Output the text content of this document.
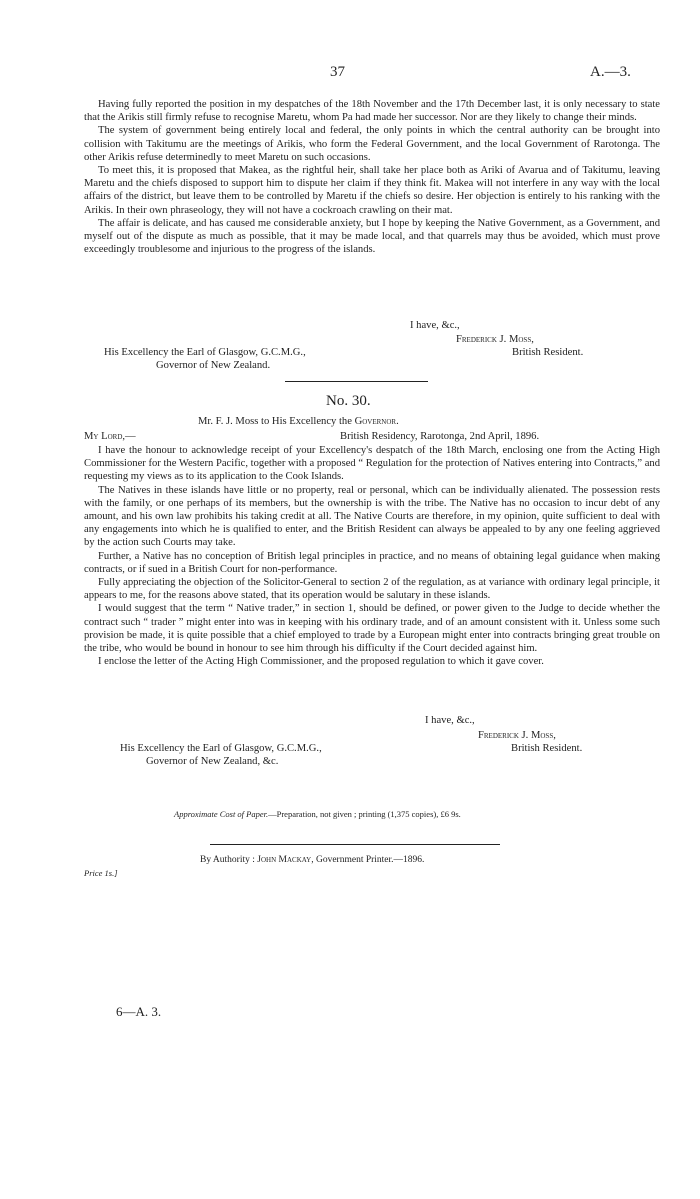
37	A.—3.

Having fully reported the position in my despatches of the 18th November and the 17th December last, it is only necessary to state that the Arikis still firmly refuse to recognise Maretu, whom Pa had made her successor. Nor are they likely to change their minds.

The system of government being entirely local and federal, the only points in which the central authority can be brought into collision with Takitumu are the meetings of Arikis, who form the Federal Government, and the local Government of Rarotonga. The other Arikis refuse determinedly to meet Maretu on such occasions.

To meet this, it is proposed that Makea, as the rightful heir, shall take her place both as Ariki of Avarua and of Takitumu, leaving Maretu and the chiefs disposed to support him to dispute her claim if they think fit. Makea will not interfere in any way with the local affairs of the district, but leave them to be controlled by Maretu if the chiefs so desire. Her objection is entirely to his ranking with the Arikis. In their own phraseology, they will not have a cockroach crawling on their mat.

The affair is delicate, and has caused me considerable anxiety, but I hope by keeping the Native Government, as a Government, and myself out of the dispute as much as possible, that it may be made local, and that quarrels may thus be avoided, which must prove exceedingly troublesome and injurious to the progress of the islands.

I have, &c.,
Frederick J. Moss,
British Resident.
His Excellency the Earl of Glasgow, G.C.M.G.,
Governor of New Zealand.
No. 30.
Mr. F. J. Moss to His Excellency the Governor.
My Lord,—	British Residency, Rarotonga, 2nd April, 1896.

I have the honour to acknowledge receipt of your Excellency's despatch of the 18th March, enclosing one from the Acting High Commissioner for the Western Pacific, together with a proposed “ Regulation for the protection of Natives entering into Contracts,” and requesting my views as to its application to the Cook Islands.

The Natives in these islands have little or no property, real or personal, which can be individually alienated. The possession rests with the family, or one perhaps of its members, but the ownership is with the tribe. The Native has no occasion to incur debt of any amount, and his own law prohibits his taking credit at all. The Native Courts are therefore, in my opinion, quite sufficient to deal with any engagements into which he is qualified to enter, and the British Resident can always be appealed to by any one feeling aggrieved by the action such Courts may take.

Further, a Native has no conception of British legal principles in practice, and no means of obtaining legal guidance when making contracts, or if sued in a British Court for non-performance.

Fully appreciating the objection of the Solicitor-General to section 2 of the regulation, as at variance with ordinary legal principle, it appears to me, for the reasons above stated, that its operation would be salutary in these islands.

I would suggest that the term “ Native trader,” in section 1, should be defined, or power given to the Judge to decide whether the contract such “ trader ” might enter into was in keeping with his ordinary trade, and of an amount consistent with it. Unless some such provision be made, it is quite possible that a chief employed to trade by a European might enter into contracts bringing great trouble on the tribe, who would be bound in honour to see him through his difficulty if the Court decided against him.

I enclose the letter of the Acting High Commissioner, and the proposed regulation to which it gave cover.

I have, &c.,
Frederick J. Moss,
British Resident.
His Excellency the Earl of Glasgow, G.C.M.G.,
Governor of New Zealand, &c.
Approximate Cost of Paper.—Preparation, not given ; printing (1,375 copies), £6 9s.
By Authority : John Mackay, Government Printer.—1896.
Price 1s.]
6—A. 3.
